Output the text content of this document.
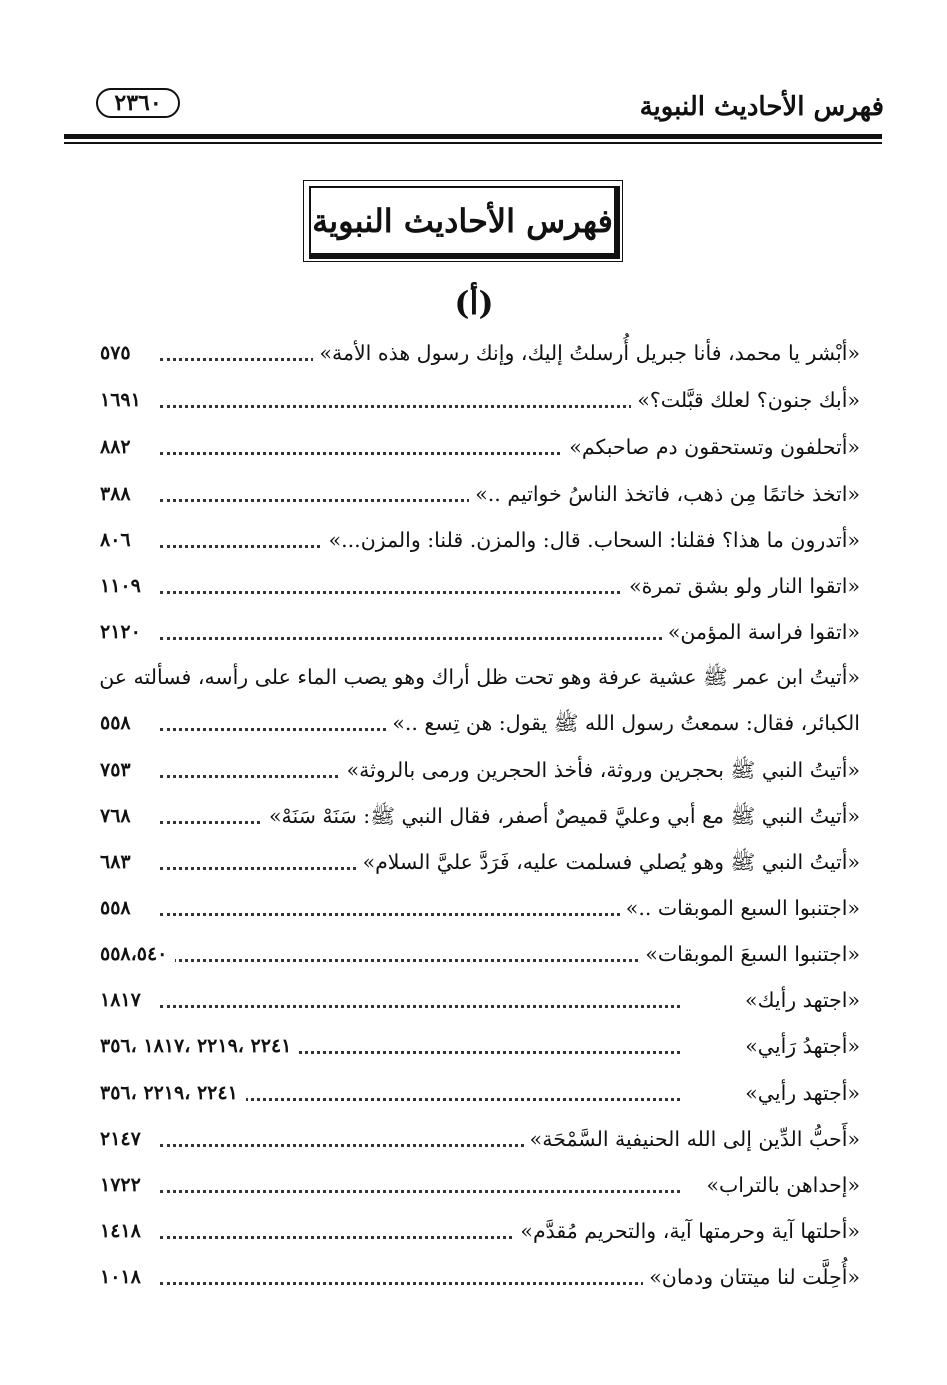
فهرس الأحاديث النبوية
٢٣٦٠
فهرس الأحاديث النبوية
(أ)
«أبْشر يا محمد، فأنا جبريل أُرسلتُ إليك، وإنك رسول هذه الأمة»
٥٧٥
«أبك جنون؟ لعلك قبَّلت؟»
١٦٩١
«أتحلفون وتستحقون دم صاحبكم»
٨٨٢
«اتخذ خاتمًا مِن ذهب، فاتخذ الناسُ خواتيم ..»
٣٨٨
«أتدرون ما هذا؟ فقلنا: السحاب. قال: والمزن. قلنا: والمزن...»
٨٠٦
«اتقوا النار ولو بشق تمرة»
١١٠٩
«اتقوا فراسة المؤمن»
٢١٢٠
«أتيتُ ابن عمر ﷺ عشية عرفة وهو تحت ظل أراك وهو يصب الماء على رأسه، فسألته عن
الكبائر، فقال: سمعتُ رسول الله ﷺ يقول: هن تِسع ..»
٥٥٨
«أتيتُ النبي ﷺ بحجرين وروثة، فأخذ الحجرين ورمى بالروثة»
٧٥٣
«أتيتُ النبي ﷺ مع أبي وعليَّ قميصٌ أصفر، فقال النبي ﷺ: سَنَهْ سَنَهْ»
٧٦٨
«أتيتُ النبي ﷺ وهو يُصلي فسلمت عليه، فَرَدَّ عليَّ السلام»
٦٨٣
«اجتنبوا السبع الموبقات ..»
٥٥٨
«اجتنبوا السبعَ الموبقات»
٥٥٨،٥٤٠
«اجتهد رأيك»
١٨١٧
«أجتهدُ رَأيي»
٢٢٤١ ،٢٢١٩ ،١٨١٧ ،٣٥٦
«أجتهد رأيي»
٢٢٤١ ،٢٢١٩ ،٣٥٦
«أَحبُّ الدِّين إلى الله الحنيفية السَّمْحَة»
٢١٤٧
«إحداهن بالتراب»
١٧٢٢
«أحلتها آية وحرمتها آية، والتحريم مُقدَّم»
١٤١٨
«أُحِلَّت لنا ميتتان ودمان»
١٠١٨
